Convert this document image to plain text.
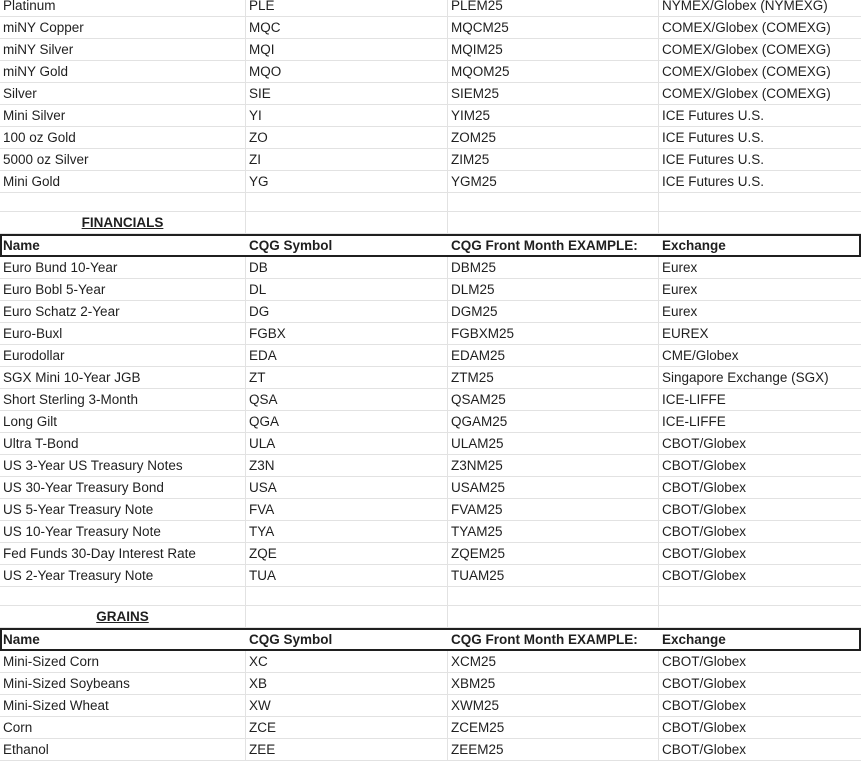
Platinum	PLE	PLEM25	NYMEX/Globex (NYMEXG)
miNY Copper	MQC	MQCM25	COMEX/Globex (COMEXG)
miNY Silver	MQI	MQIM25	COMEX/Globex (COMEXG)
miNY Gold	MQO	MQOM25	COMEX/Globex (COMEXG)
Silver	SIE	SIEM25	COMEX/Globex (COMEXG)
Mini Silver	YI	YIM25	ICE Futures U.S.
100 oz Gold	ZO	ZOM25	ICE Futures U.S.
5000 oz Silver	ZI	ZIM25	ICE Futures U.S.
Mini Gold	YG	YGM25	ICE Futures U.S.
FINANCIALS
Name	CQG Symbol	CQG Front Month EXAMPLE:	Exchange
Euro Bund 10-Year	DB	DBM25	Eurex
Euro Bobl 5-Year	DL	DLM25	Eurex
Euro Schatz 2-Year	DG	DGM25	Eurex
Euro-Buxl	FGBX	FGBXM25	EUREX
Eurodollar	EDA	EDAM25	CME/Globex
SGX Mini 10-Year JGB	ZT	ZTM25	Singapore Exchange (SGX)
Short Sterling 3-Month	QSA	QSAM25	ICE-LIFFE
Long Gilt	QGA	QGAM25	ICE-LIFFE
Ultra T-Bond	ULA	ULAM25	CBOT/Globex
US 3-Year US Treasury Notes	Z3N	Z3NM25	CBOT/Globex
US 30-Year Treasury Bond	USA	USAM25	CBOT/Globex
US 5-Year Treasury Note	FVA	FVAM25	CBOT/Globex
US 10-Year Treasury Note	TYA	TYAM25	CBOT/Globex
Fed Funds 30-Day Interest Rate	ZQE	ZQEM25	CBOT/Globex
US 2-Year Treasury Note	TUA	TUAM25	CBOT/Globex
GRAINS
Name	CQG Symbol	CQG Front Month EXAMPLE:	Exchange
Mini-Sized Corn	XC	XCM25	CBOT/Globex
Mini-Sized Soybeans	XB	XBM25	CBOT/Globex
Mini-Sized Wheat	XW	XWM25	CBOT/Globex
Corn	ZCE	ZCEM25	CBOT/Globex
Ethanol	ZEE	ZEEM25	CBOT/Globex
